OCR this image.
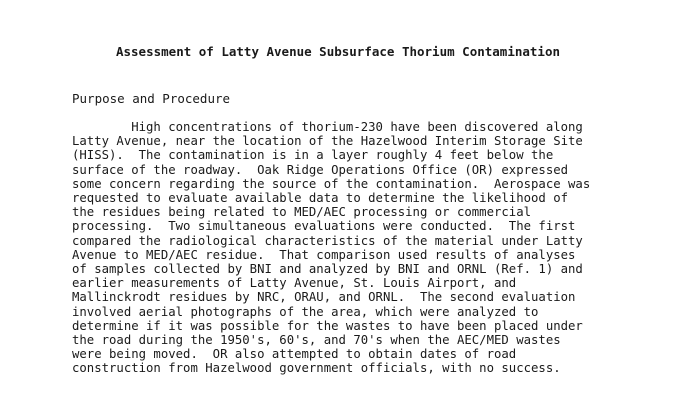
Assessment of Latty Avenue Subsurface Thorium Contamination
Purpose and Procedure
High concentrations of thorium-230 have been discovered along
Latty Avenue, near the location of the Hazelwood Interim Storage Site
(HISS).  The contamination is in a layer roughly 4 feet below the
surface of the roadway.  Oak Ridge Operations Office (OR) expressed
some concern regarding the source of the contamination.  Aerospace was
requested to evaluate available data to determine the likelihood of
the residues being related to MED/AEC processing or commercial
processing.  Two simultaneous evaluations were conducted.  The first
compared the radiological characteristics of the material under Latty
Avenue to MED/AEC residue.  That comparison used results of analyses
of samples collected by BNI and analyzed by BNI and ORNL (Ref. 1) and
earlier measurements of Latty Avenue, St. Louis Airport, and
Mallinckrodt residues by NRC, ORAU, and ORNL.  The second evaluation
involved aerial photographs of the area, which were analyzed to
determine if it was possible for the wastes to have been placed under
the road during the 1950's, 60's, and 70's when the AEC/MED wastes
were being moved.  OR also attempted to obtain dates of road
construction from Hazelwood government officials, with no success.
